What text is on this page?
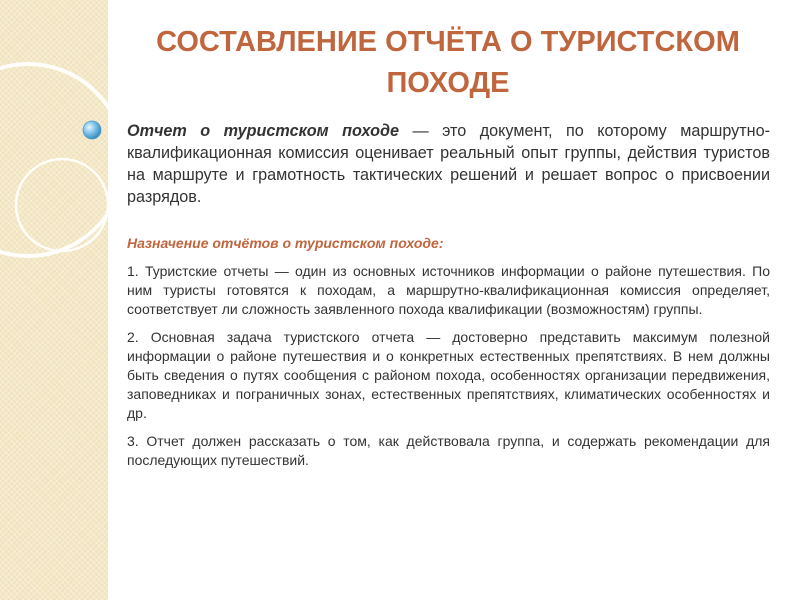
СОСТАВЛЕНИЕ ОТЧЁТА О ТУРИСТСКОМ ПОХОДЕ

Отчет о туристском походе — это документ, по которому маршрутно-квалификационная комиссия оценивает реальный опыт группы, действия туристов на маршруте и грамотность тактических решений и решает вопрос о присвоении разрядов.

Назначение отчётов о туристском походе:

1. Туристские отчеты — один из основных источников информации о районе путешествия. По ним туристы готовятся к походам, а маршрутно-квалификационная комиссия определяет, соответствует ли сложность заявленного похода квалификации (возможностям) группы.

2. Основная задача туристского отчета — достоверно представить максимум полезной информации о районе путешествия и о конкретных естественных препятствиях. В нем должны быть сведения о путях сообщения с районом похода, особенностях организации передвижения, заповедниках и пограничных зонах, естественных препятствиях, климатических особенностях и др.

3. Отчет должен рассказать о том, как действовала группа, и содержать рекомендации для последующих путешествий.
